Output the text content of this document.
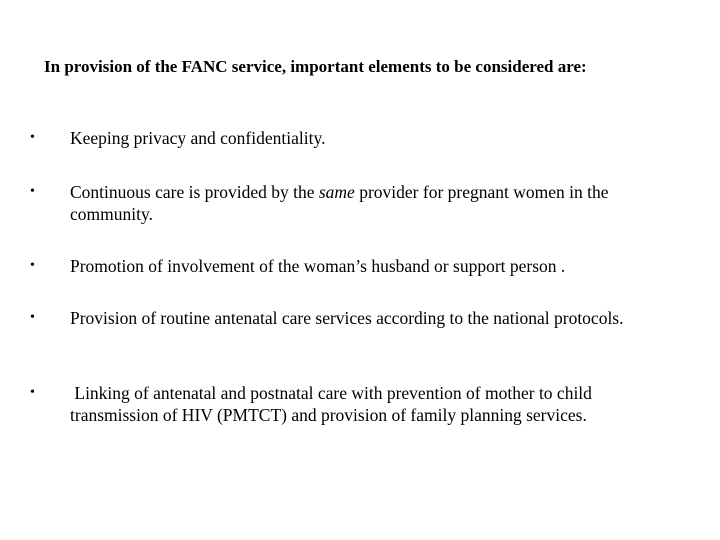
In provision of the FANC service, important elements to be considered are:
•	Keeping privacy and confidentiality.
•	Continuous care is provided by the same provider for pregnant women in the community.
•	Promotion of involvement of the woman’s husband or support person .
•	Provision of routine antenatal care services according to the national protocols.
•	Linking of antenatal and postnatal care with prevention of mother to child transmission of HIV (PMTCT) and provision of family planning services.
